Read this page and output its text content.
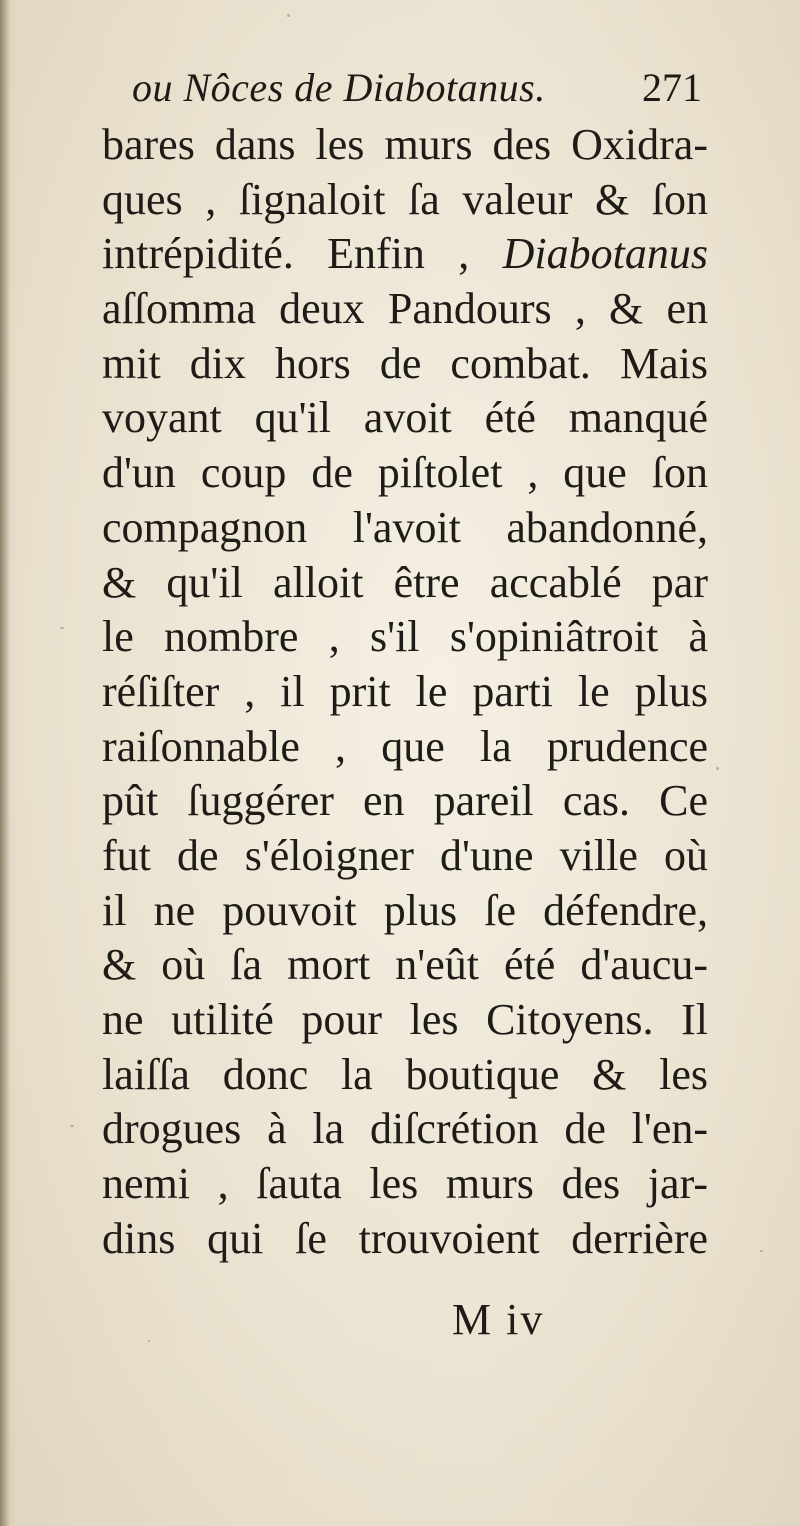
ou Nôces de Diabotanus. 271
bares dans les murs des Oxidra-
ques , ſignaloit ſa valeur & ſon
intrépidité. Enfin , Diabotanus
aſſomma deux Pandours , & en
mit dix hors de combat. Mais
voyant qu'il avoit été manqué
d'un coup de piſtolet , que ſon
compagnon l'avoit abandonné,
& qu'il alloit être accablé par
le nombre , s'il s'opiniâtroit à
réſiſter , il prit le parti le plus
raiſonnable , que la prudence
pût ſuggérer en pareil cas. Ce
fut de s'éloigner d'une ville où
il ne pouvoit plus ſe défendre,
& où ſa mort n'eût été d'aucu-
ne utilité pour les Citoyens. Il
laiſſa donc la boutique & les
drogues à la diſcrétion de l'en-
nemi , ſauta les murs des jar-
dins qui ſe trouvoient derrière
M iv
